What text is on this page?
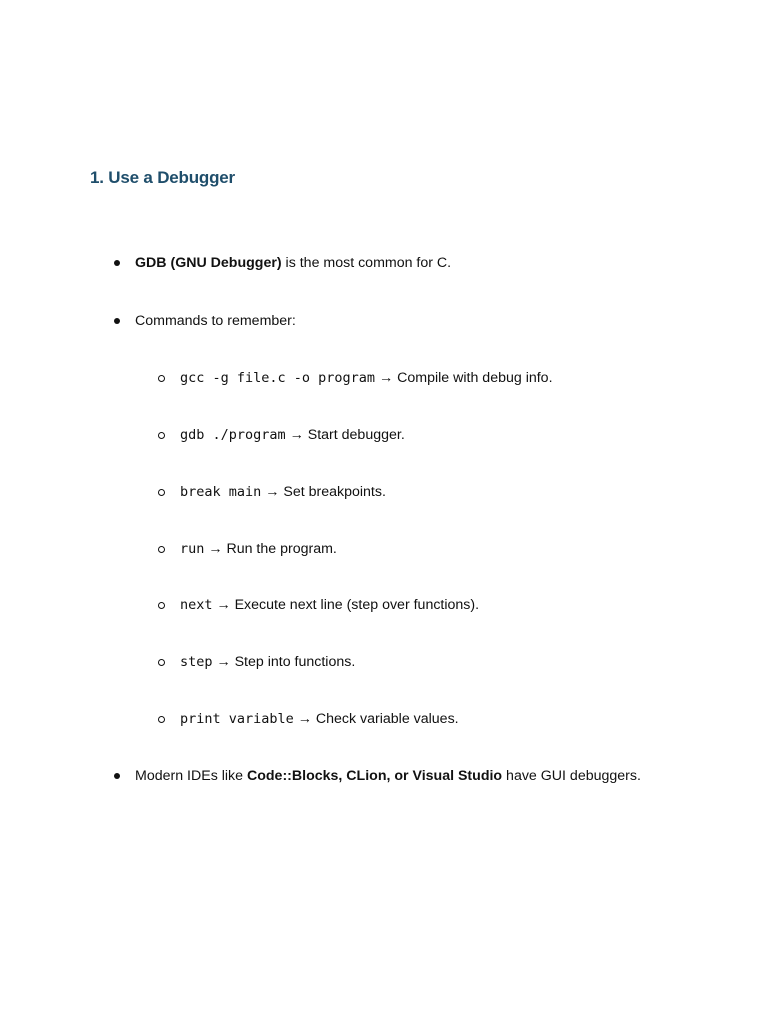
1. Use a Debugger
GDB (GNU Debugger) is the most common for C.
Commands to remember:
gcc -g file.c -o program → Compile with debug info.
gdb ./program → Start debugger.
break main → Set breakpoints.
run → Run the program.
next → Execute next line (step over functions).
step → Step into functions.
print variable → Check variable values.
Modern IDEs like Code::Blocks, CLion, or Visual Studio have GUI debuggers.
